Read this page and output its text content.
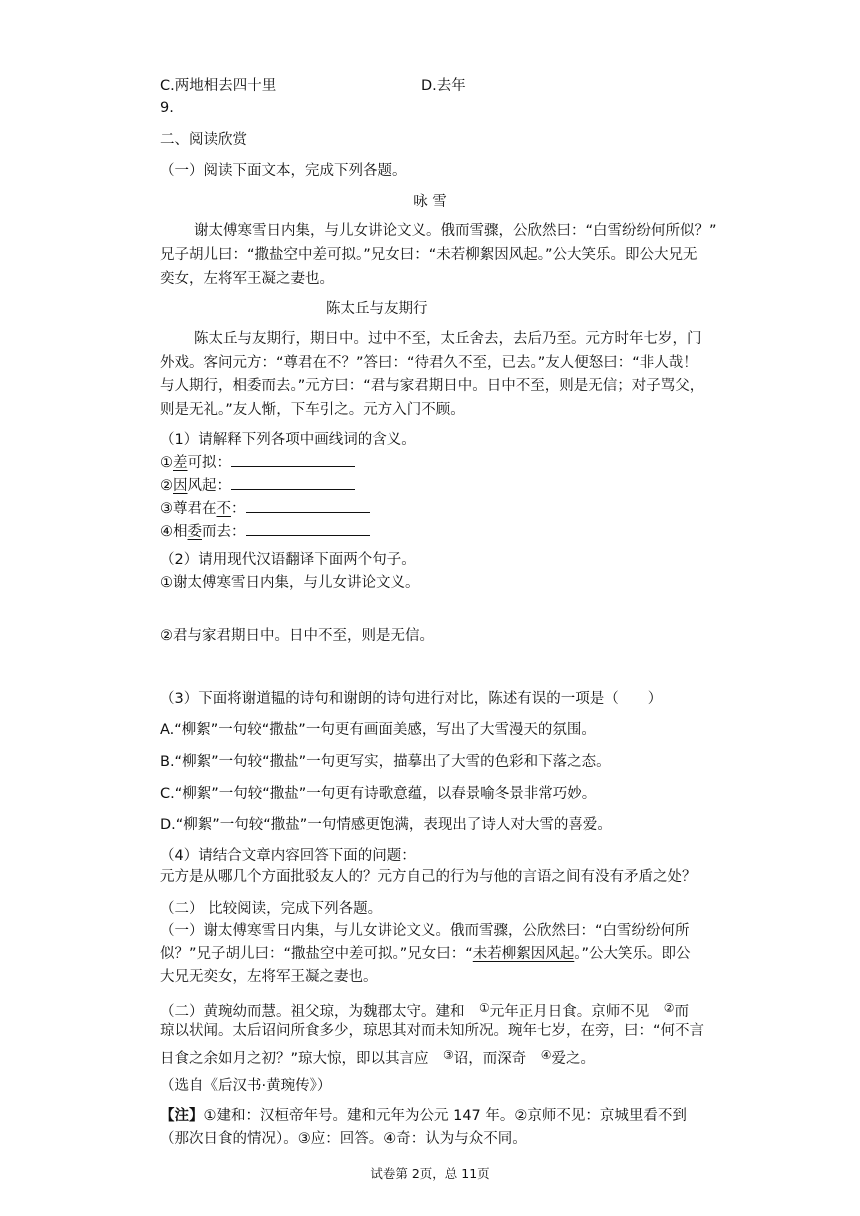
C.两地相去四十里	D.去年
9.
二、阅读欣赏
（一）阅读下面文本，完成下列各题。
咏 雪
谢太傅寒雪日内集，与儿女讲论文义。俄而雪骤，公欣然曰：“白雪纷纷何所似？”
兄子胡儿曰：“撒盐空中差可拟。”兄女曰：“未若柳絮因风起。”公大笑乐。即公大兄无
奕女，左将军王凝之妻也。
陈太丘与友期行
陈太丘与友期行，期日中。过中不至，太丘舍去，去后乃至。元方时年七岁，门
外戏。客问元方：“尊君在不？”答曰：“待君久不至，已去。”友人便怒曰：“非人哉！
与人期行，相委而去。”元方曰：“君与家君期日中。日中不至，则是无信；对子骂父，
则是无礼。”友人惭，下车引之。元方入门不顾。
（1）请解释下列各项中画线词的含义。
①差可拟：
②因风起：
③尊君在不：
④相委而去：
（2）请用现代汉语翻译下面两个句子。
①谢太傅寒雪日内集，与儿女讲论文义。
②君与家君期日中。日中不至，则是无信。
（3）下面将谢道韫的诗句和谢朗的诗句进行对比，陈述有误的一项是（　　）
A.“柳絮”一句较“撒盐”一句更有画面美感，写出了大雪漫天的氛围。
B.“柳絮”一句较“撒盐”一句更写实，描摹出了大雪的色彩和下落之态。
C.“柳絮”一句较“撒盐”一句更有诗歌意蕴，以春景喻冬景非常巧妙。
D.“柳絮”一句较“撒盐”一句情感更饱满，表现出了诗人对大雪的喜爱。
（4）请结合文章内容回答下面的问题：
元方是从哪几个方面批驳友人的？元方自己的行为与他的言语之间有没有矛盾之处？
（二） 比较阅读，完成下列各题。
（一）谢太傅寒雪日内集，与儿女讲论文义。俄而雪骤，公欣然曰：“白雪纷纷何所
似？”兄子胡儿曰：“撒盐空中差可拟。”兄女曰：“未若柳絮因风起。”公大笑乐。即公
大兄无奕女，左将军王凝之妻也。
（二）黄琬幼而慧。祖父琼，为魏郡太守。建和　①元年正月日食。京师不见　②而
琼以状闻。太后诏问所食多少，琼思其对而未知所况。琬年七岁，在旁，曰：“何不言
日食之余如月之初？”琼大惊，即以其言应　③诏，而深奇　④爱之。
（选自《后汉书·黄琬传》）
【注】①建和：汉桓帝年号。建和元年为公元 147 年。②京师不见：京城里看不到
（那次日食的情况）。③应：回答。④奇：认为与众不同。
试卷第 2页，总 11页
